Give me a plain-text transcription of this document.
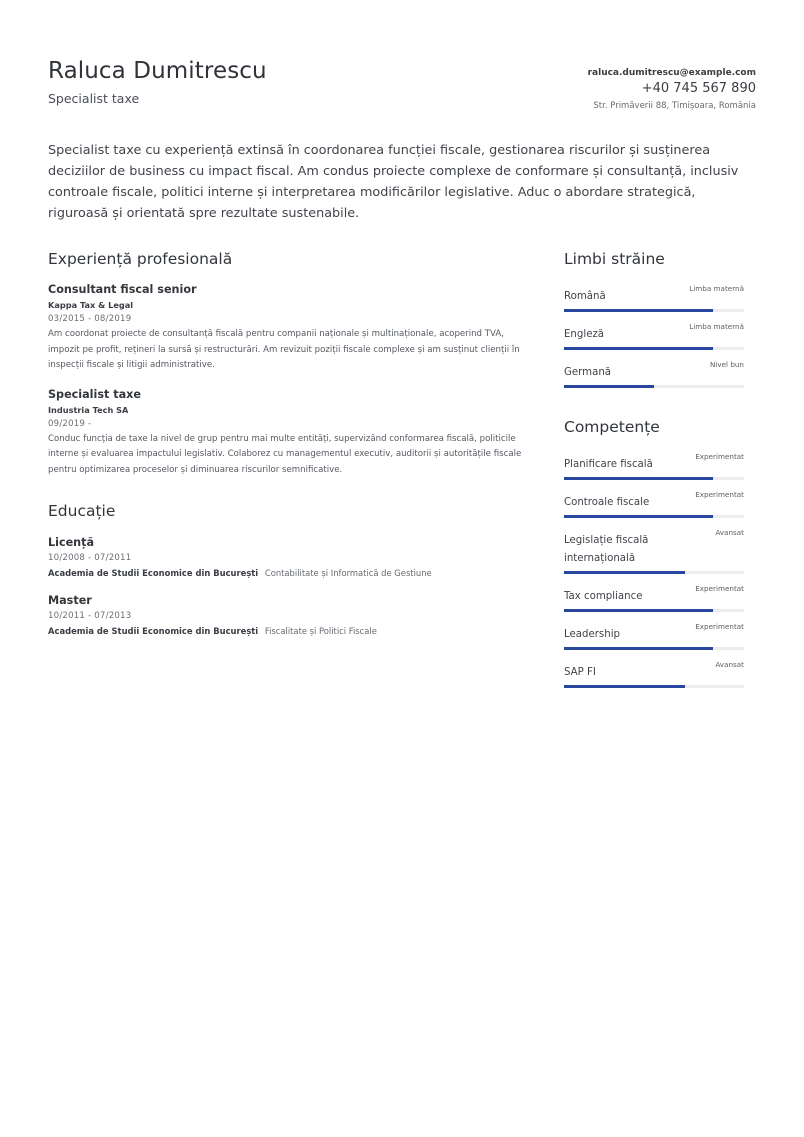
Raluca Dumitrescu
Specialist taxe
raluca.dumitrescu@example.com
+40 745 567 890
Str. Primăverii 88, Timișoara, România
Specialist taxe cu experiență extinsă în coordonarea funcției fiscale, gestionarea riscurilor și susținerea deciziilor de business cu impact fiscal. Am condus proiecte complexe de conformare și consultanță, inclusiv controale fiscale, politici interne și interpretarea modificărilor legislative. Aduc o abordare strategică, riguroasă și orientată spre rezultate sustenabile.
Experiență profesională
Consultant fiscal senior
Kappa Tax & Legal
03/2015 - 08/2019
Am coordonat proiecte de consultanță fiscală pentru companii naționale și multinaționale, acoperind TVA, impozit pe profit, rețineri la sursă și restructurări. Am revizuit poziții fiscale complexe și am susținut clienții în inspecții fiscale și litigii administrative.
Specialist taxe
Industria Tech SA
09/2019 -
Conduc funcția de taxe la nivel de grup pentru mai multe entități, supervizând conformarea fiscală, politicile interne și evaluarea impactului legislativ. Colaborez cu managementul executiv, auditorii și autoritățile fiscale pentru optimizarea proceselor și diminuarea riscurilor semnificative.
Educație
Licență
10/2008 - 07/2011
Academia de Studii Economice din București Contabilitate și Informatică de Gestiune
Master
10/2011 - 07/2013
Academia de Studii Economice din București Fiscalitate și Politici Fiscale
Limbi străine
Română
Limba maternă
Engleză
Limba maternă
Germană
Nivel bun
Competențe
Planificare fiscală
Experimentat
Controale fiscale
Experimentat
Legislație fiscală internațională
Avansat
Tax compliance
Experimentat
Leadership
Experimentat
SAP FI
Avansat
